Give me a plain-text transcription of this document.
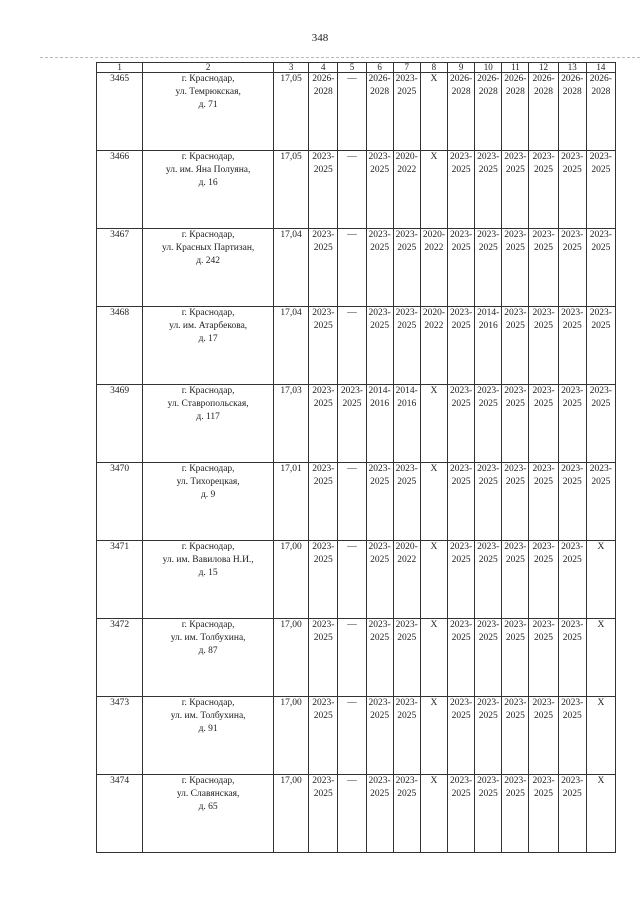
348
1	2	3	4	5	6	7	8	9	10	11	12	13	14
3465	г. Краснодар,
ул. Темрюкская,
д. 71	17,05	2026-
2028	—	2026-
2028	2023-
2025	X	2026-
2028	2026-
2028	2026-
2028	2026-
2028	2026-
2028	2026-
2028

3466	г. Краснодар,
ул. им. Яна Полуяна,
д. 16	17,05	2023-
2025	—	2023-
2025	2020-
2022	X	2023-
2025	2023-
2025	2023-
2025	2023-
2025	2023-
2025	2023-
2025

3467	г. Краснодар,
ул. Красных Партизан,
д. 242	17,04	2023-
2025	—	2023-
2025	2023-
2025	2020-
2022	2023-
2025	2023-
2025	2023-
2025	2023-
2025	2023-
2025	2023-
2025

3468	г. Краснодар,
ул. им. Атарбекова,
д. 17	17,04	2023-
2025	—	2023-
2025	2023-
2025	2020-
2022	2023-
2025	2014-
2016	2023-
2025	2023-
2025	2023-
2025	2023-
2025

3469	г. Краснодар,
ул. Ставропольская,
д. 117	17,03	2023-
2025	2023-
2025	2014-
2016	2014-
2016	X	2023-
2025	2023-
2025	2023-
2025	2023-
2025	2023-
2025	2023-
2025

3470	г. Краснодар,
ул. Тихорецкая,
д. 9	17,01	2023-
2025	—	2023-
2025	2023-
2025	X	2023-
2025	2023-
2025	2023-
2025	2023-
2025	2023-
2025	2023-
2025

3471	г. Краснодар,
ул. им. Вавилова Н.И.,
д. 15	17,00	2023-
2025	—	2023-
2025	2020-
2022	X	2023-
2025	2023-
2025	2023-
2025	2023-
2025	2023-
2025	X

3472	г. Краснодар,
ул. им. Толбухина,
д. 87	17,00	2023-
2025	—	2023-
2025	2023-
2025	X	2023-
2025	2023-
2025	2023-
2025	2023-
2025	2023-
2025	X

3473	г. Краснодар,
ул. им. Толбухина,
д. 91	17,00	2023-
2025	—	2023-
2025	2023-
2025	X	2023-
2025	2023-
2025	2023-
2025	2023-
2025	2023-
2025	X

3474	г. Краснодар,
ул. Славянская,
д. 65	17,00	2023-
2025	—	2023-
2025	2023-
2025	X	2023-
2025	2023-
2025	2023-
2025	2023-
2025	2023-
2025	X
